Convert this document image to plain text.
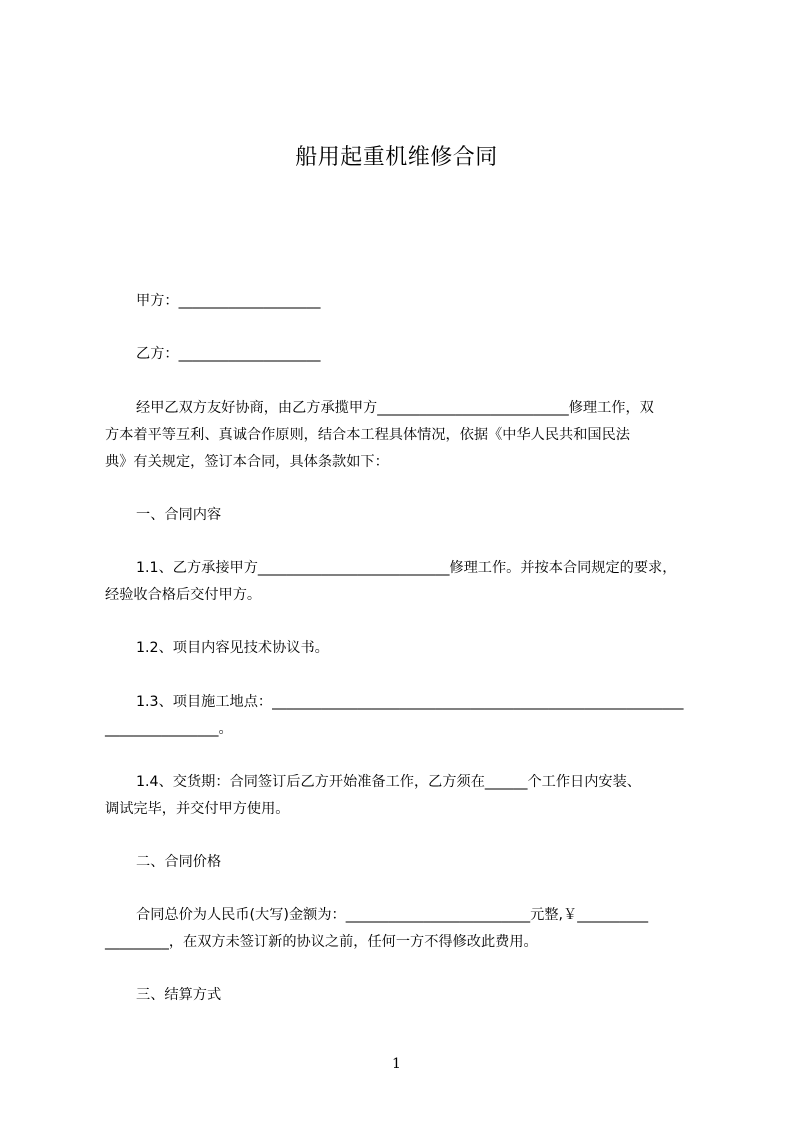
船用起重机维修合同
甲方：____________________
乙方：____________________
经甲乙双方友好协商，由乙方承揽甲方___________________________修理工作，双
方本着平等互利、真诚合作原则，结合本工程具体情况，依据《中华人民共和国民法
典》有关规定，签订本合同，具体条款如下：
一、合同内容
1.1、乙方承接甲方___________________________修理工作。并按本合同规定的要求，
经验收合格后交付甲方。
1.2、项目内容见技术协议书。
1.3、项目施工地点：__________________________________________________________
________________。
1.4、交货期：合同签订后乙方开始准备工作，乙方须在______个工作日内安装、
调试完毕，并交付甲方使用。
二、合同价格
合同总价为人民币(大写)金额为：__________________________元整,￥__________
_________，在双方未签订新的协议之前，任何一方不得修改此费用。
三、结算方式
1
